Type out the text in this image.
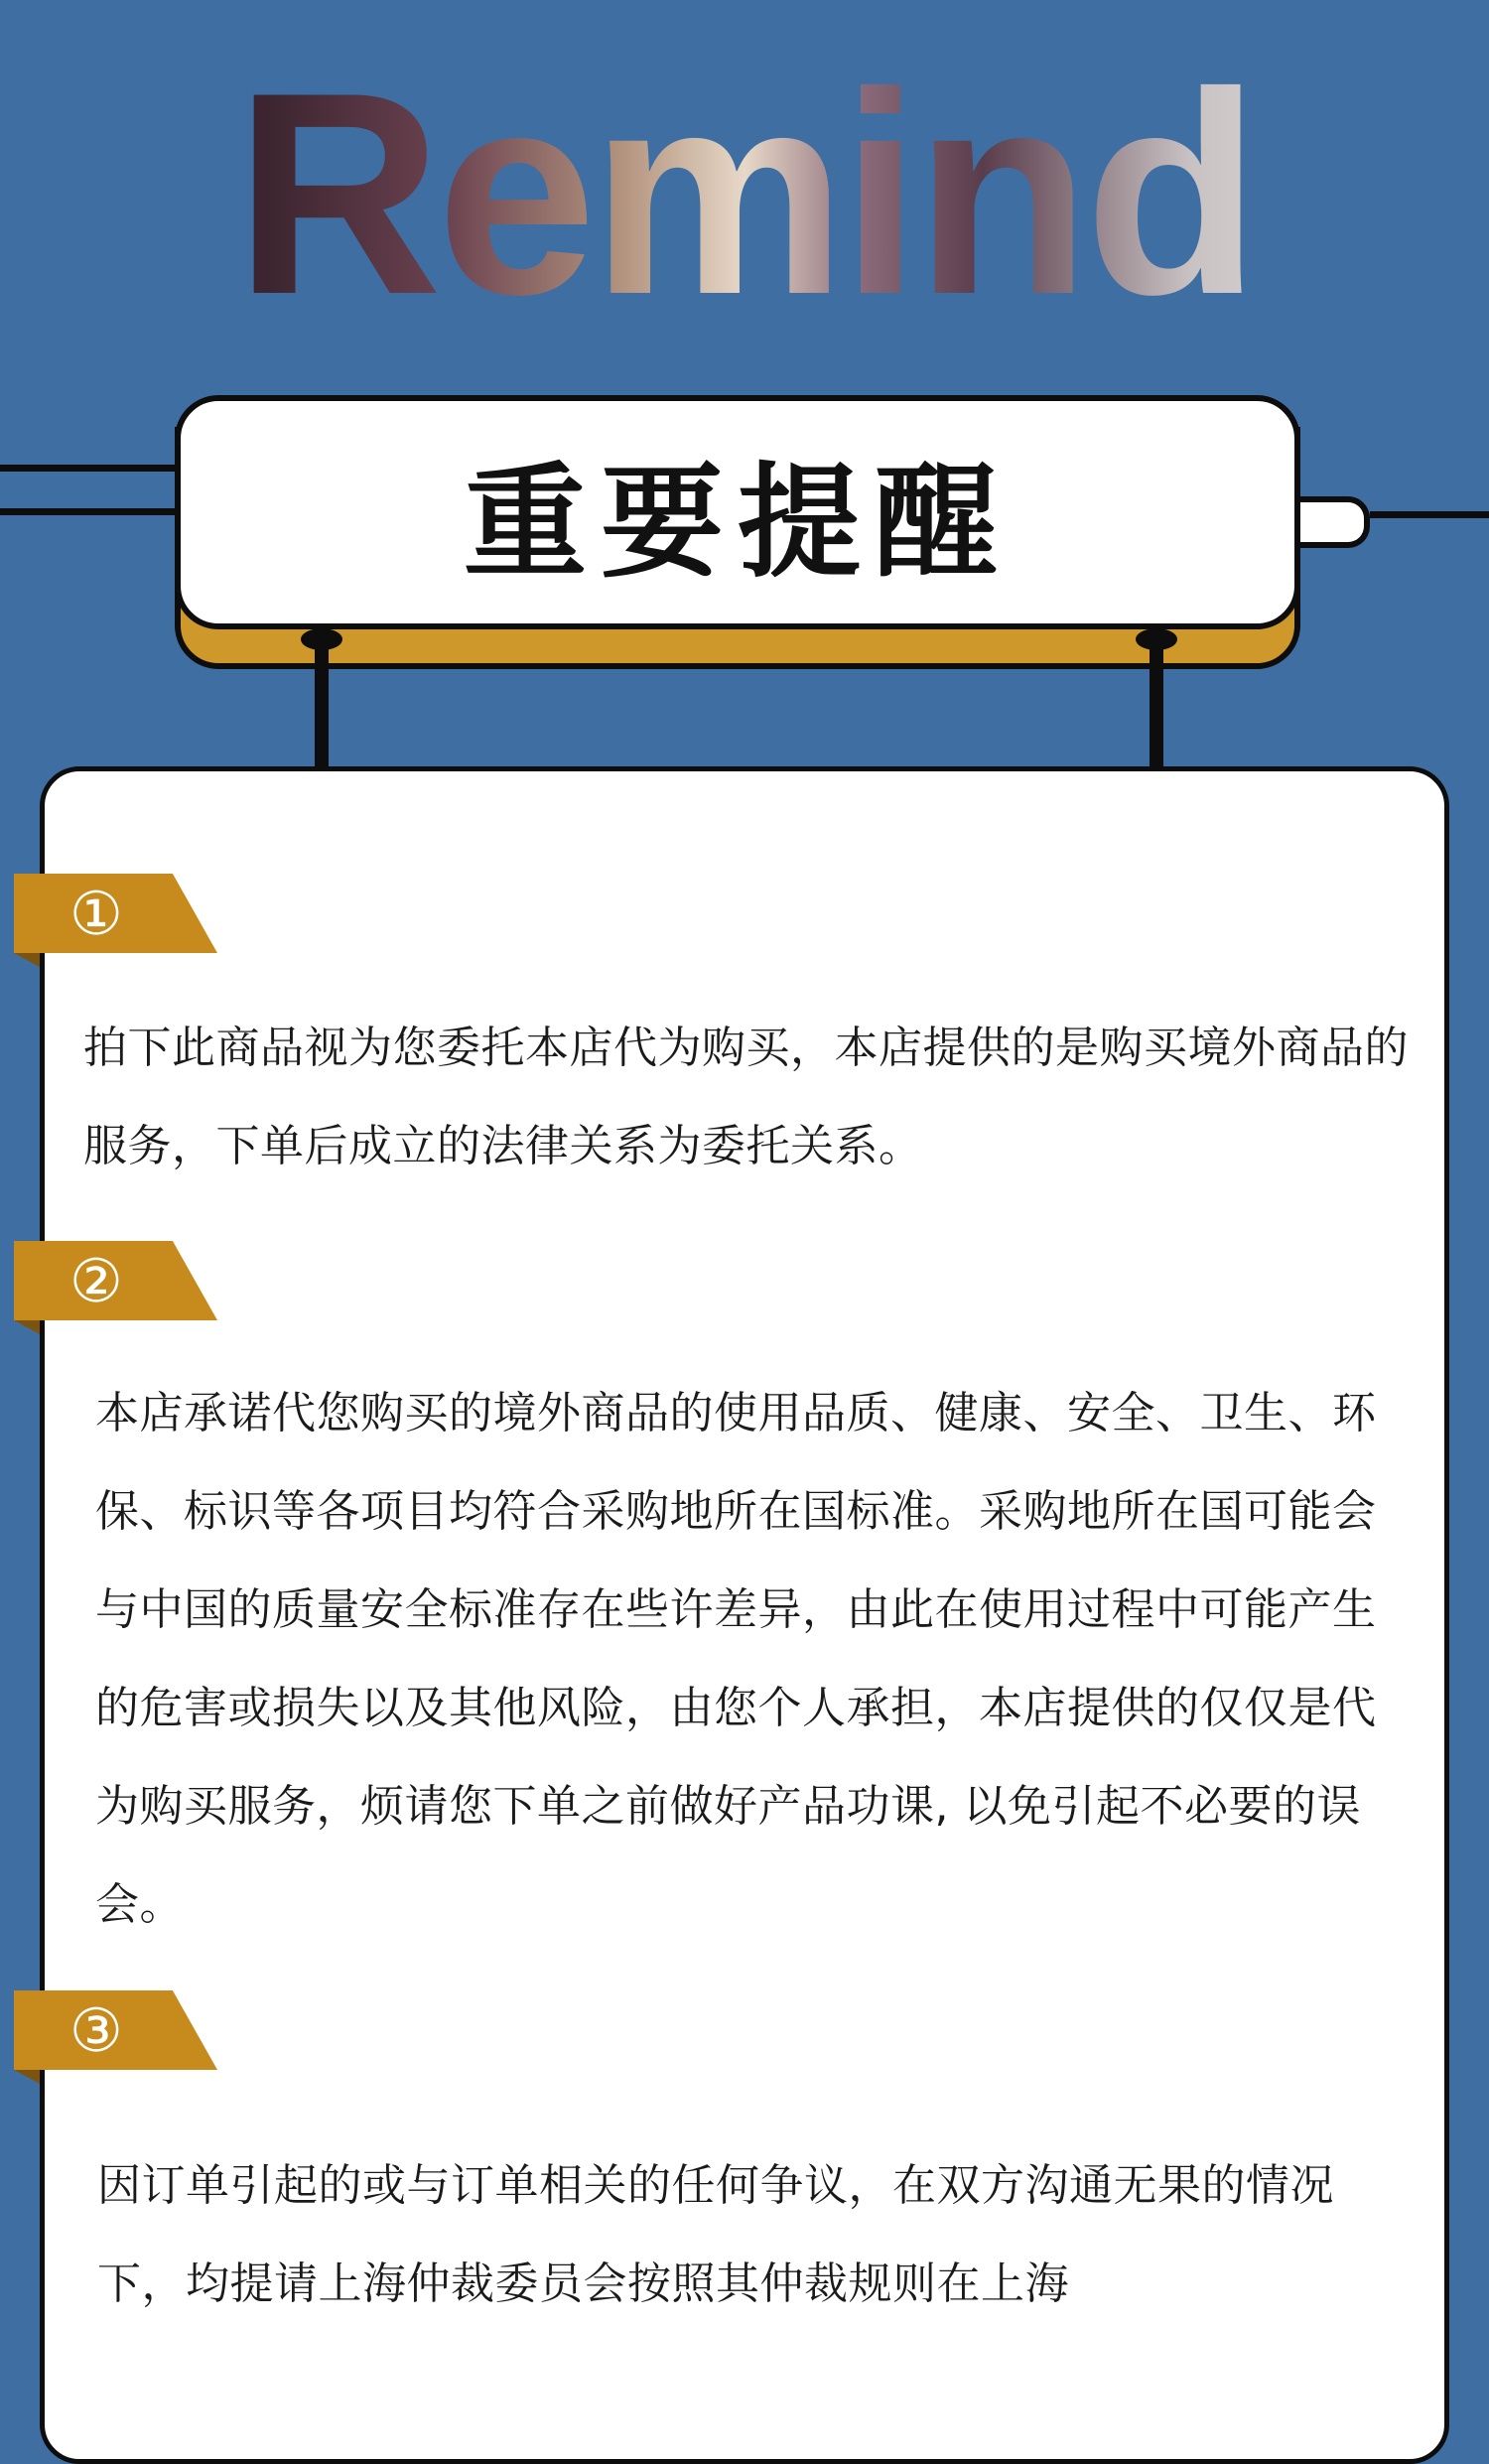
Remind
重要提醒
①
拍下此商品视为您委托本店代为购买，本店提供的是购买境外商品的服务，下单后成立的法律关系为委托关系。
②
本店承诺代您购买的境外商品的使用品质、健康、安全、卫生、环保、标识等各项目均符合采购地所在国标准。采购地所在国可能会与中国的质量安全标准存在些许差异，由此在使用过程中可能产生的危害或损失以及其他风险，由您个人承担，本店提供的仅仅是代为购买服务，烦请您下单之前做好产品功课, 以免引起不必要的误会。
③
因订单引起的或与订单相关的任何争议，在双方沟通无果的情况下，均提请上海仲裁委员会按照其仲裁规则在上海
